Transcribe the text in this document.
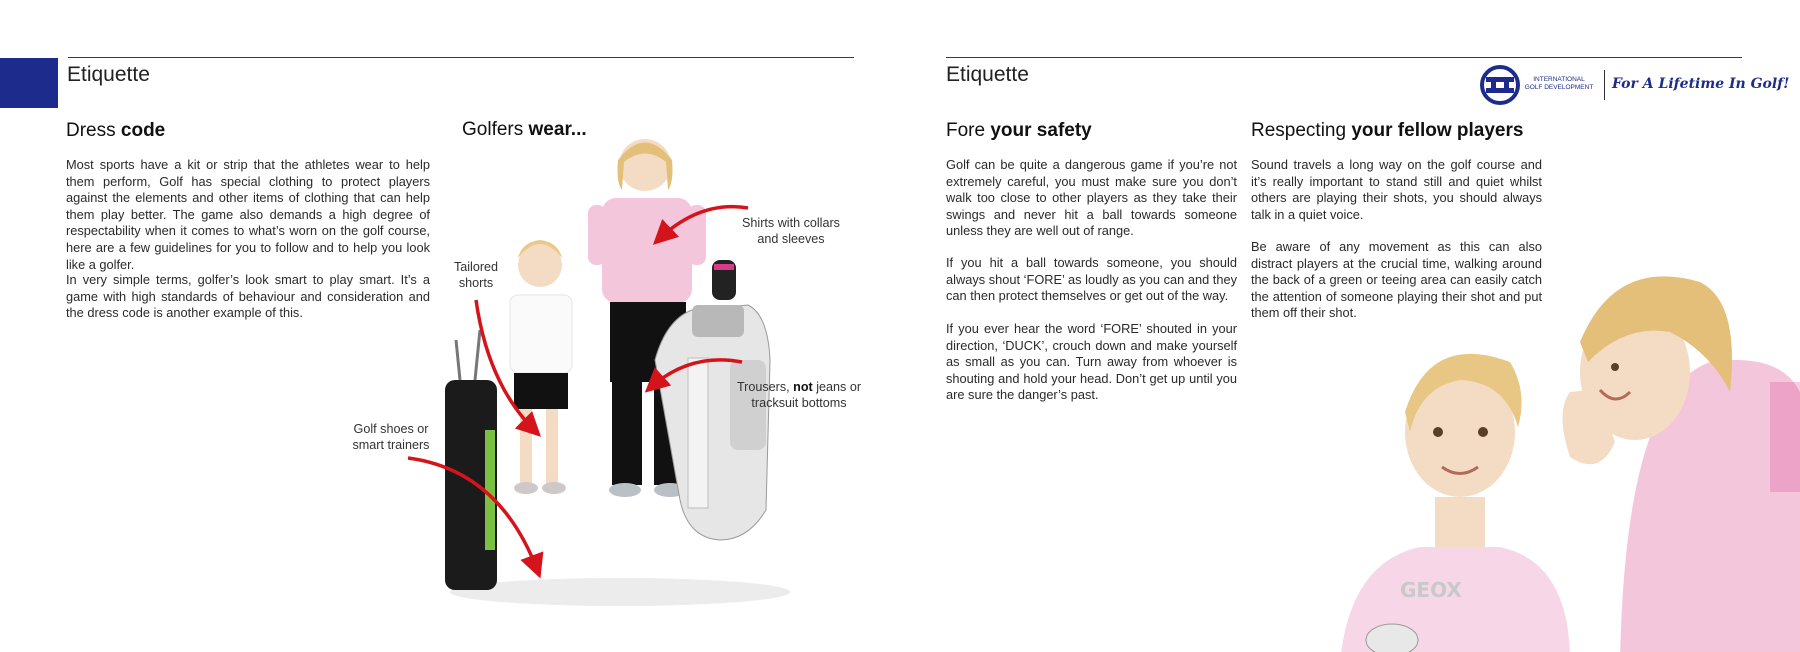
Etiquette
Dress code

Most sports have a kit or strip that the athletes wear to help them perform, Golf has special clothing to protect players against the elements and other items of clothing that can help them play better. The game also demands a high degree of respectability when it comes to what’s worn on the golf course, here are a few guidelines for you to follow and to help you look like a golfer.

In very simple terms, golfer’s look smart to play smart. It’s a game with high standards of behaviour and consideration and the dress code is another example of this.

Golfers wear...
Shirts with collars and sleeves
Tailored shorts
Trousers, not jeans or tracksuit bottoms
Golf shoes or smart trainers
Etiquette	INTERNATIONAL GOLF DEVELOPMENT For A Lifetime In Golf!
Fore your safety

Golf can be quite a dangerous game if you’re not extremely careful, you must make sure you don’t walk too close to other players as they take their swings and never hit a ball towards someone unless they are well out of range.

If you hit a ball towards someone, you should always shout ‘FORE’ as loudly as you can and they can then protect themselves or get out of the way.

If you ever hear the word ‘FORE’ shouted in your direction, ‘DUCK’, crouch down and make yourself as small as you can. Turn away from whoever is shouting and hold your head. Don’t get up until you are sure the danger’s past.

Respecting your fellow players

Sound travels a long way on the golf course and it’s really important to stand still and quiet whilst others are playing their shots, you should always talk in a quiet voice.

Be aware of any movement as this can also distract players at the crucial time, walking around the back of a green or teeing area can easily catch the attention of someone playing their shot and put them off their shot.

GEOX
